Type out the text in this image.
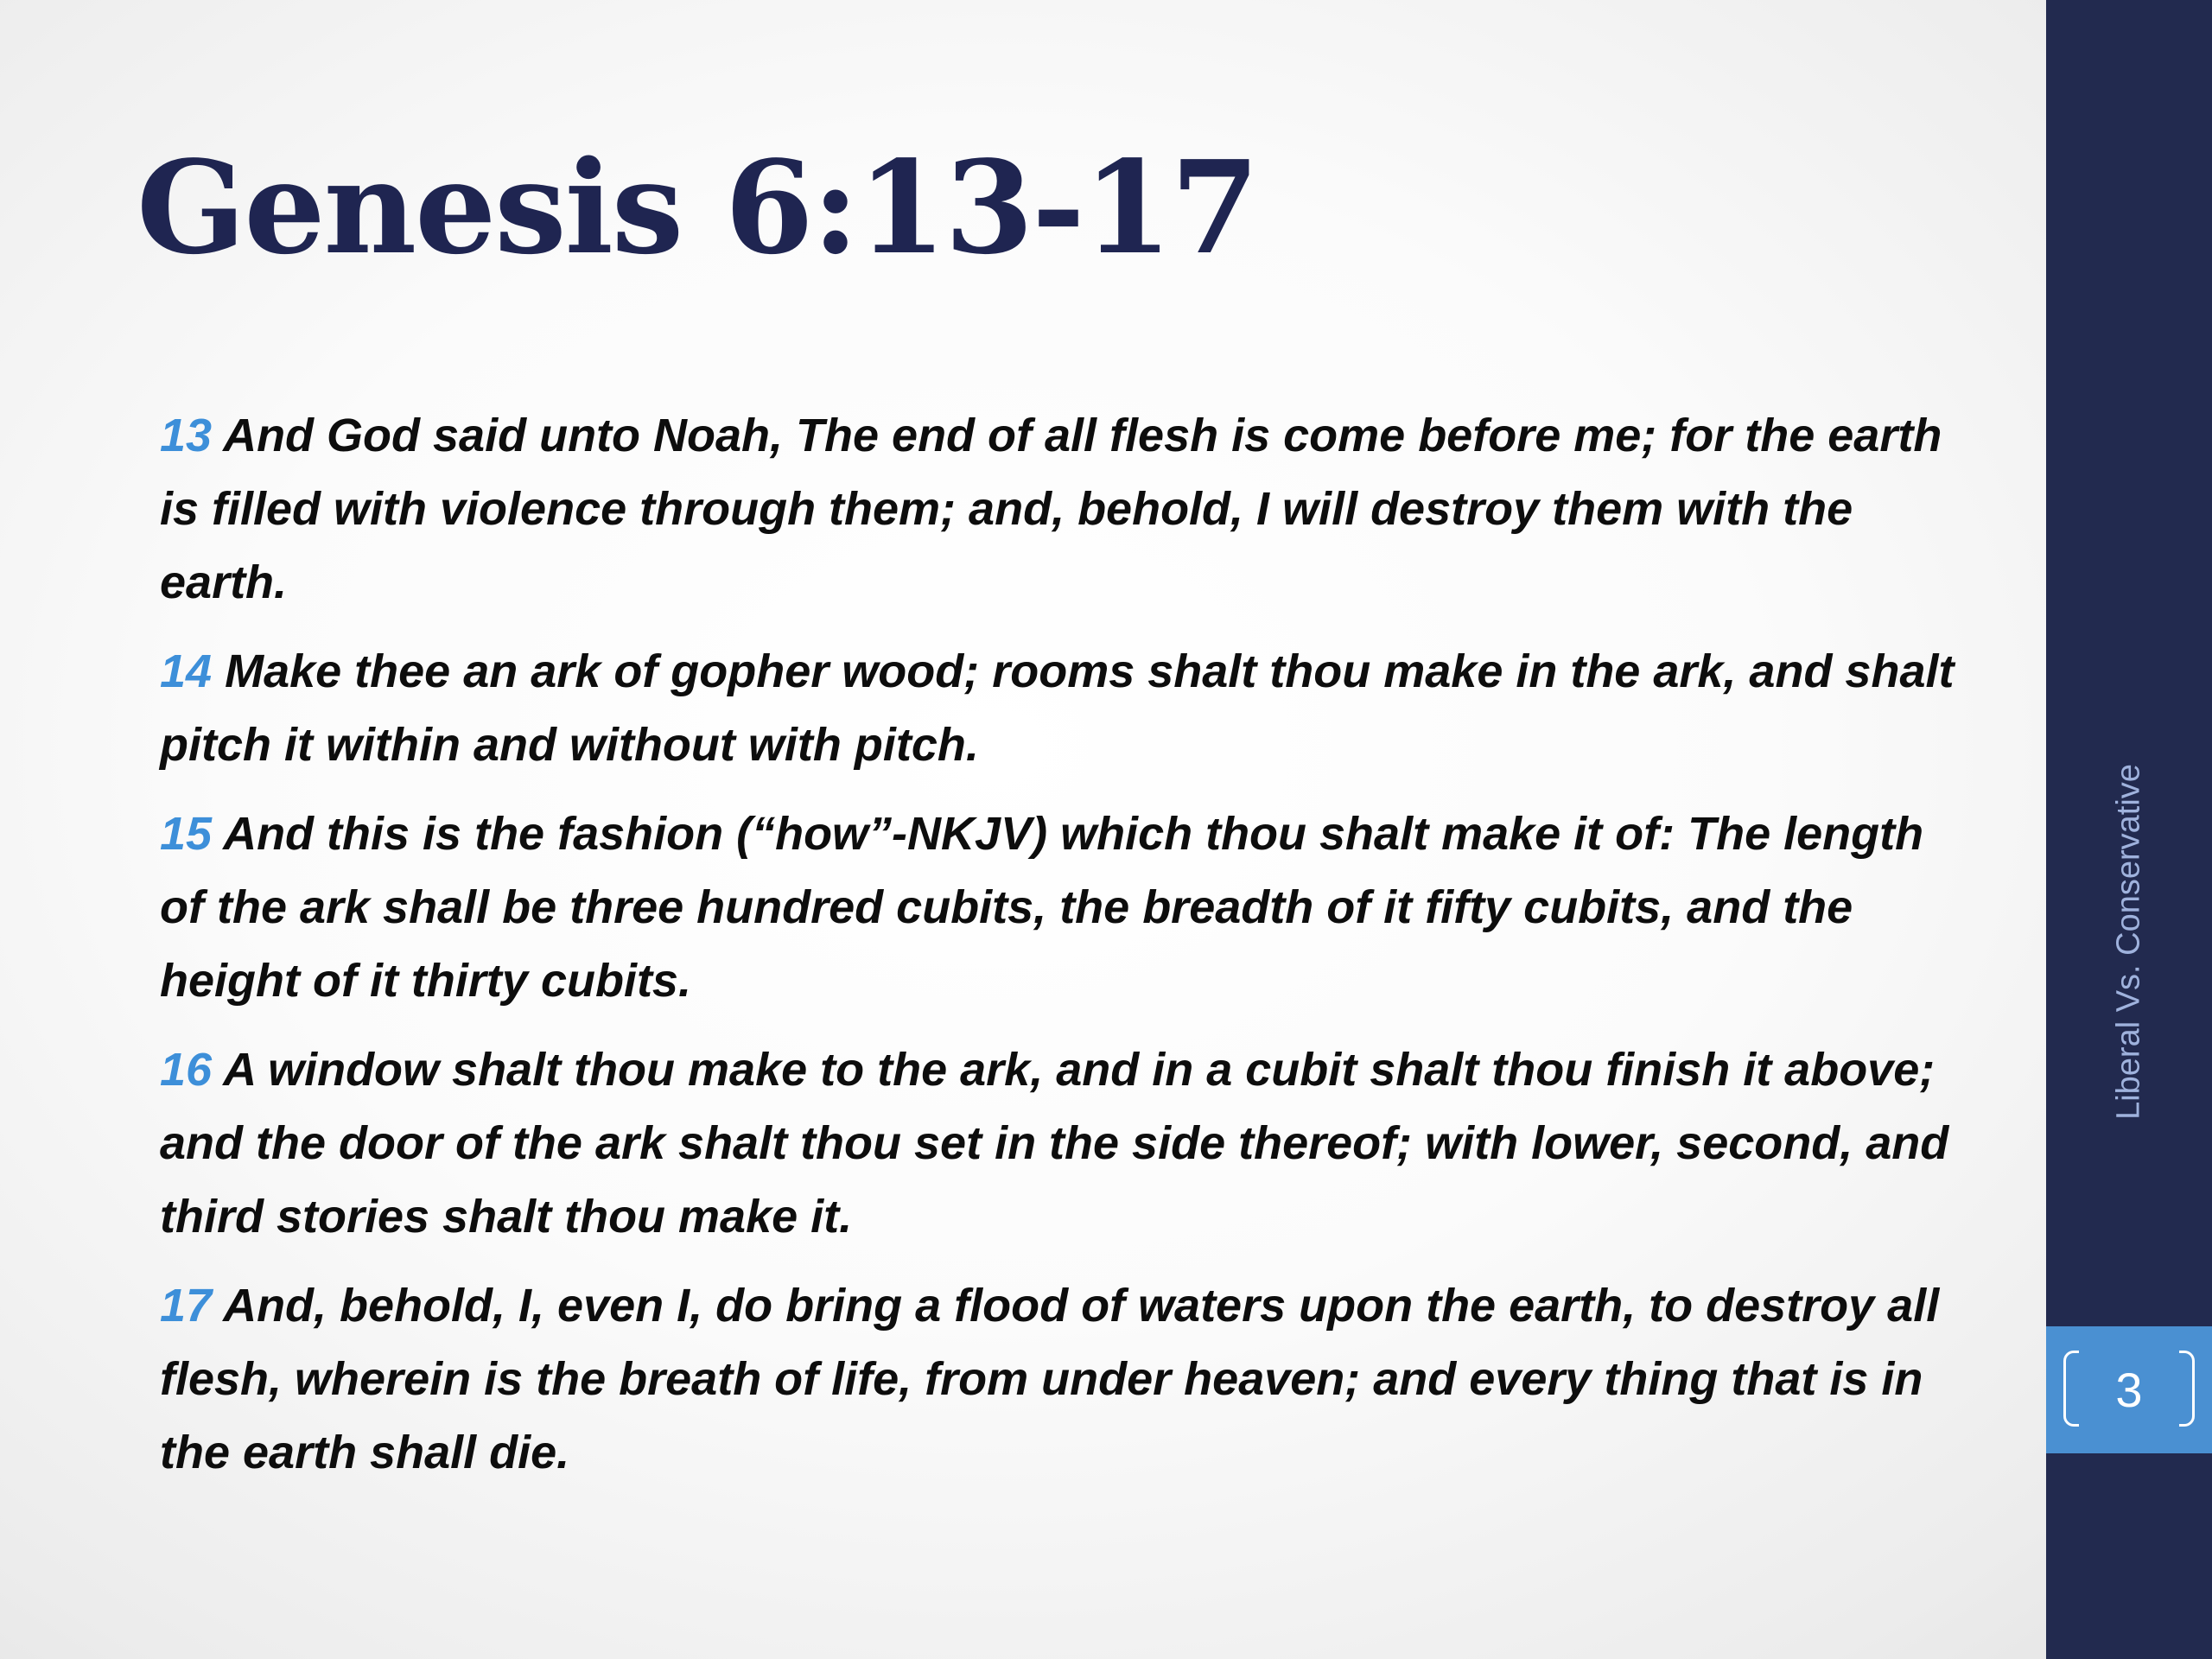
Genesis 6:13-17

13 And God said unto Noah, The end of all flesh is come before me; for the earth is filled with violence through them; and, behold, I will destroy them with the earth.

14 Make thee an ark of gopher wood; rooms shalt thou make in the ark, and shalt pitch it within and without with pitch.

15 And this is the fashion (“how”-NKJV) which thou shalt make it of: The length of the ark shall be three hundred cubits, the breadth of it fifty cubits, and the height of it thirty cubits.

16 A window shalt thou make to the ark, and in a cubit shalt thou finish it above; and the door of the ark shalt thou set in the side thereof; with lower, second, and third stories shalt thou make it.

17 And, behold, I, even I, do bring a flood of waters upon the earth, to destroy all flesh, wherein is the breath of life, from under heaven; and every thing that is in the earth shall die.

Liberal Vs. Conservative
3
